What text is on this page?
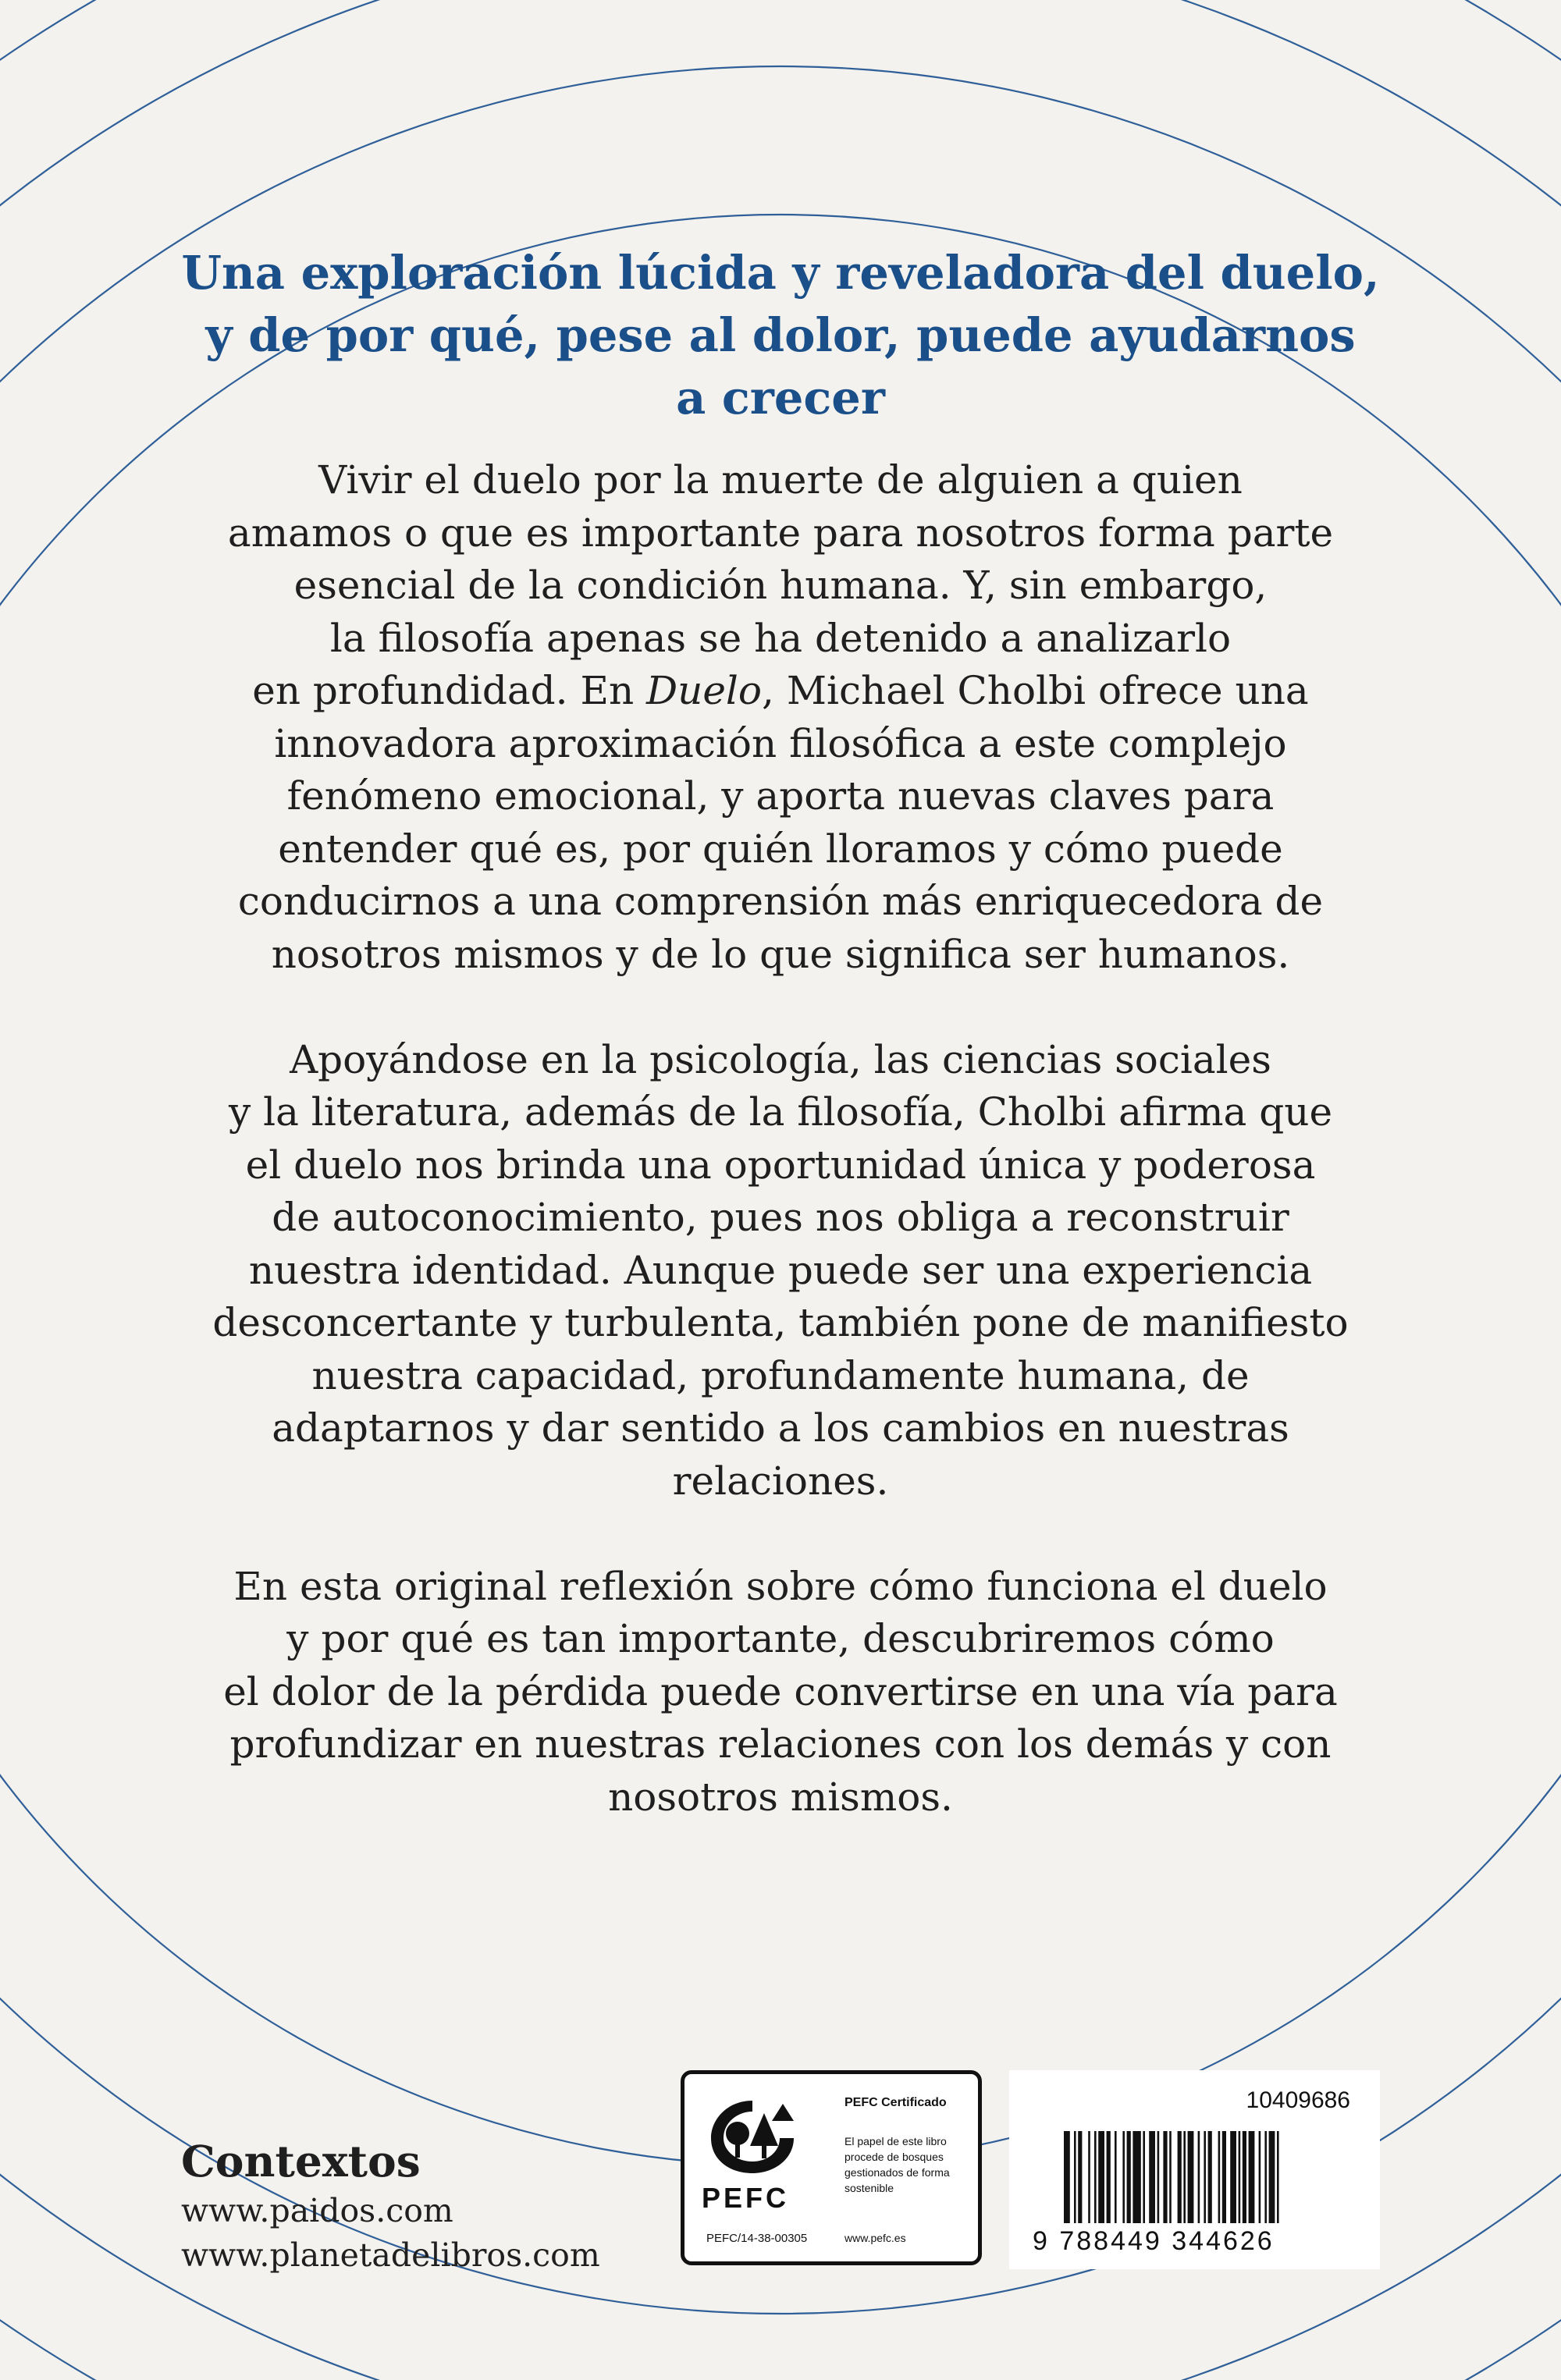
Una exploración lúcida y reveladora del duelo,
y de por qué, pese al dolor, puede ayudarnos
a crecer

Vivir el duelo por la muerte de alguien a quien
amamos o que es importante para nosotros forma parte
esencial de la condición humana. Y, sin embargo,
la filosofía apenas se ha detenido a analizarlo
en profundidad. En Duelo, Michael Cholbi ofrece una
innovadora aproximación filosófica a este complejo
fenómeno emocional, y aporta nuevas claves para
entender qué es, por quién lloramos y cómo puede
conducirnos a una comprensión más enriquecedora de
nosotros mismos y de lo que significa ser humanos.

Apoyándose en la psicología, las ciencias sociales
y la literatura, además de la filosofía, Cholbi afirma que
el duelo nos brinda una oportunidad única y poderosa
de autoconocimiento, pues nos obliga a reconstruir
nuestra identidad. Aunque puede ser una experiencia
desconcertante y turbulenta, también pone de manifiesto
nuestra capacidad, profundamente humana, de
adaptarnos y dar sentido a los cambios en nuestras
relaciones.

En esta original reflexión sobre cómo funciona el duelo
y por qué es tan importante, descubriremos cómo
el dolor de la pérdida puede convertirse en una vía para
profundizar en nuestras relaciones con los demás y con
nosotros mismos.

Contextos
www.paidos.com
www.planetadelibros.com
PEFC
PEFC/14-38-00305
PEFC Certificado
El papel de este libro procede de bosques gestionados de forma sostenible
www.pefc.es
10409686
9 788449 344626
